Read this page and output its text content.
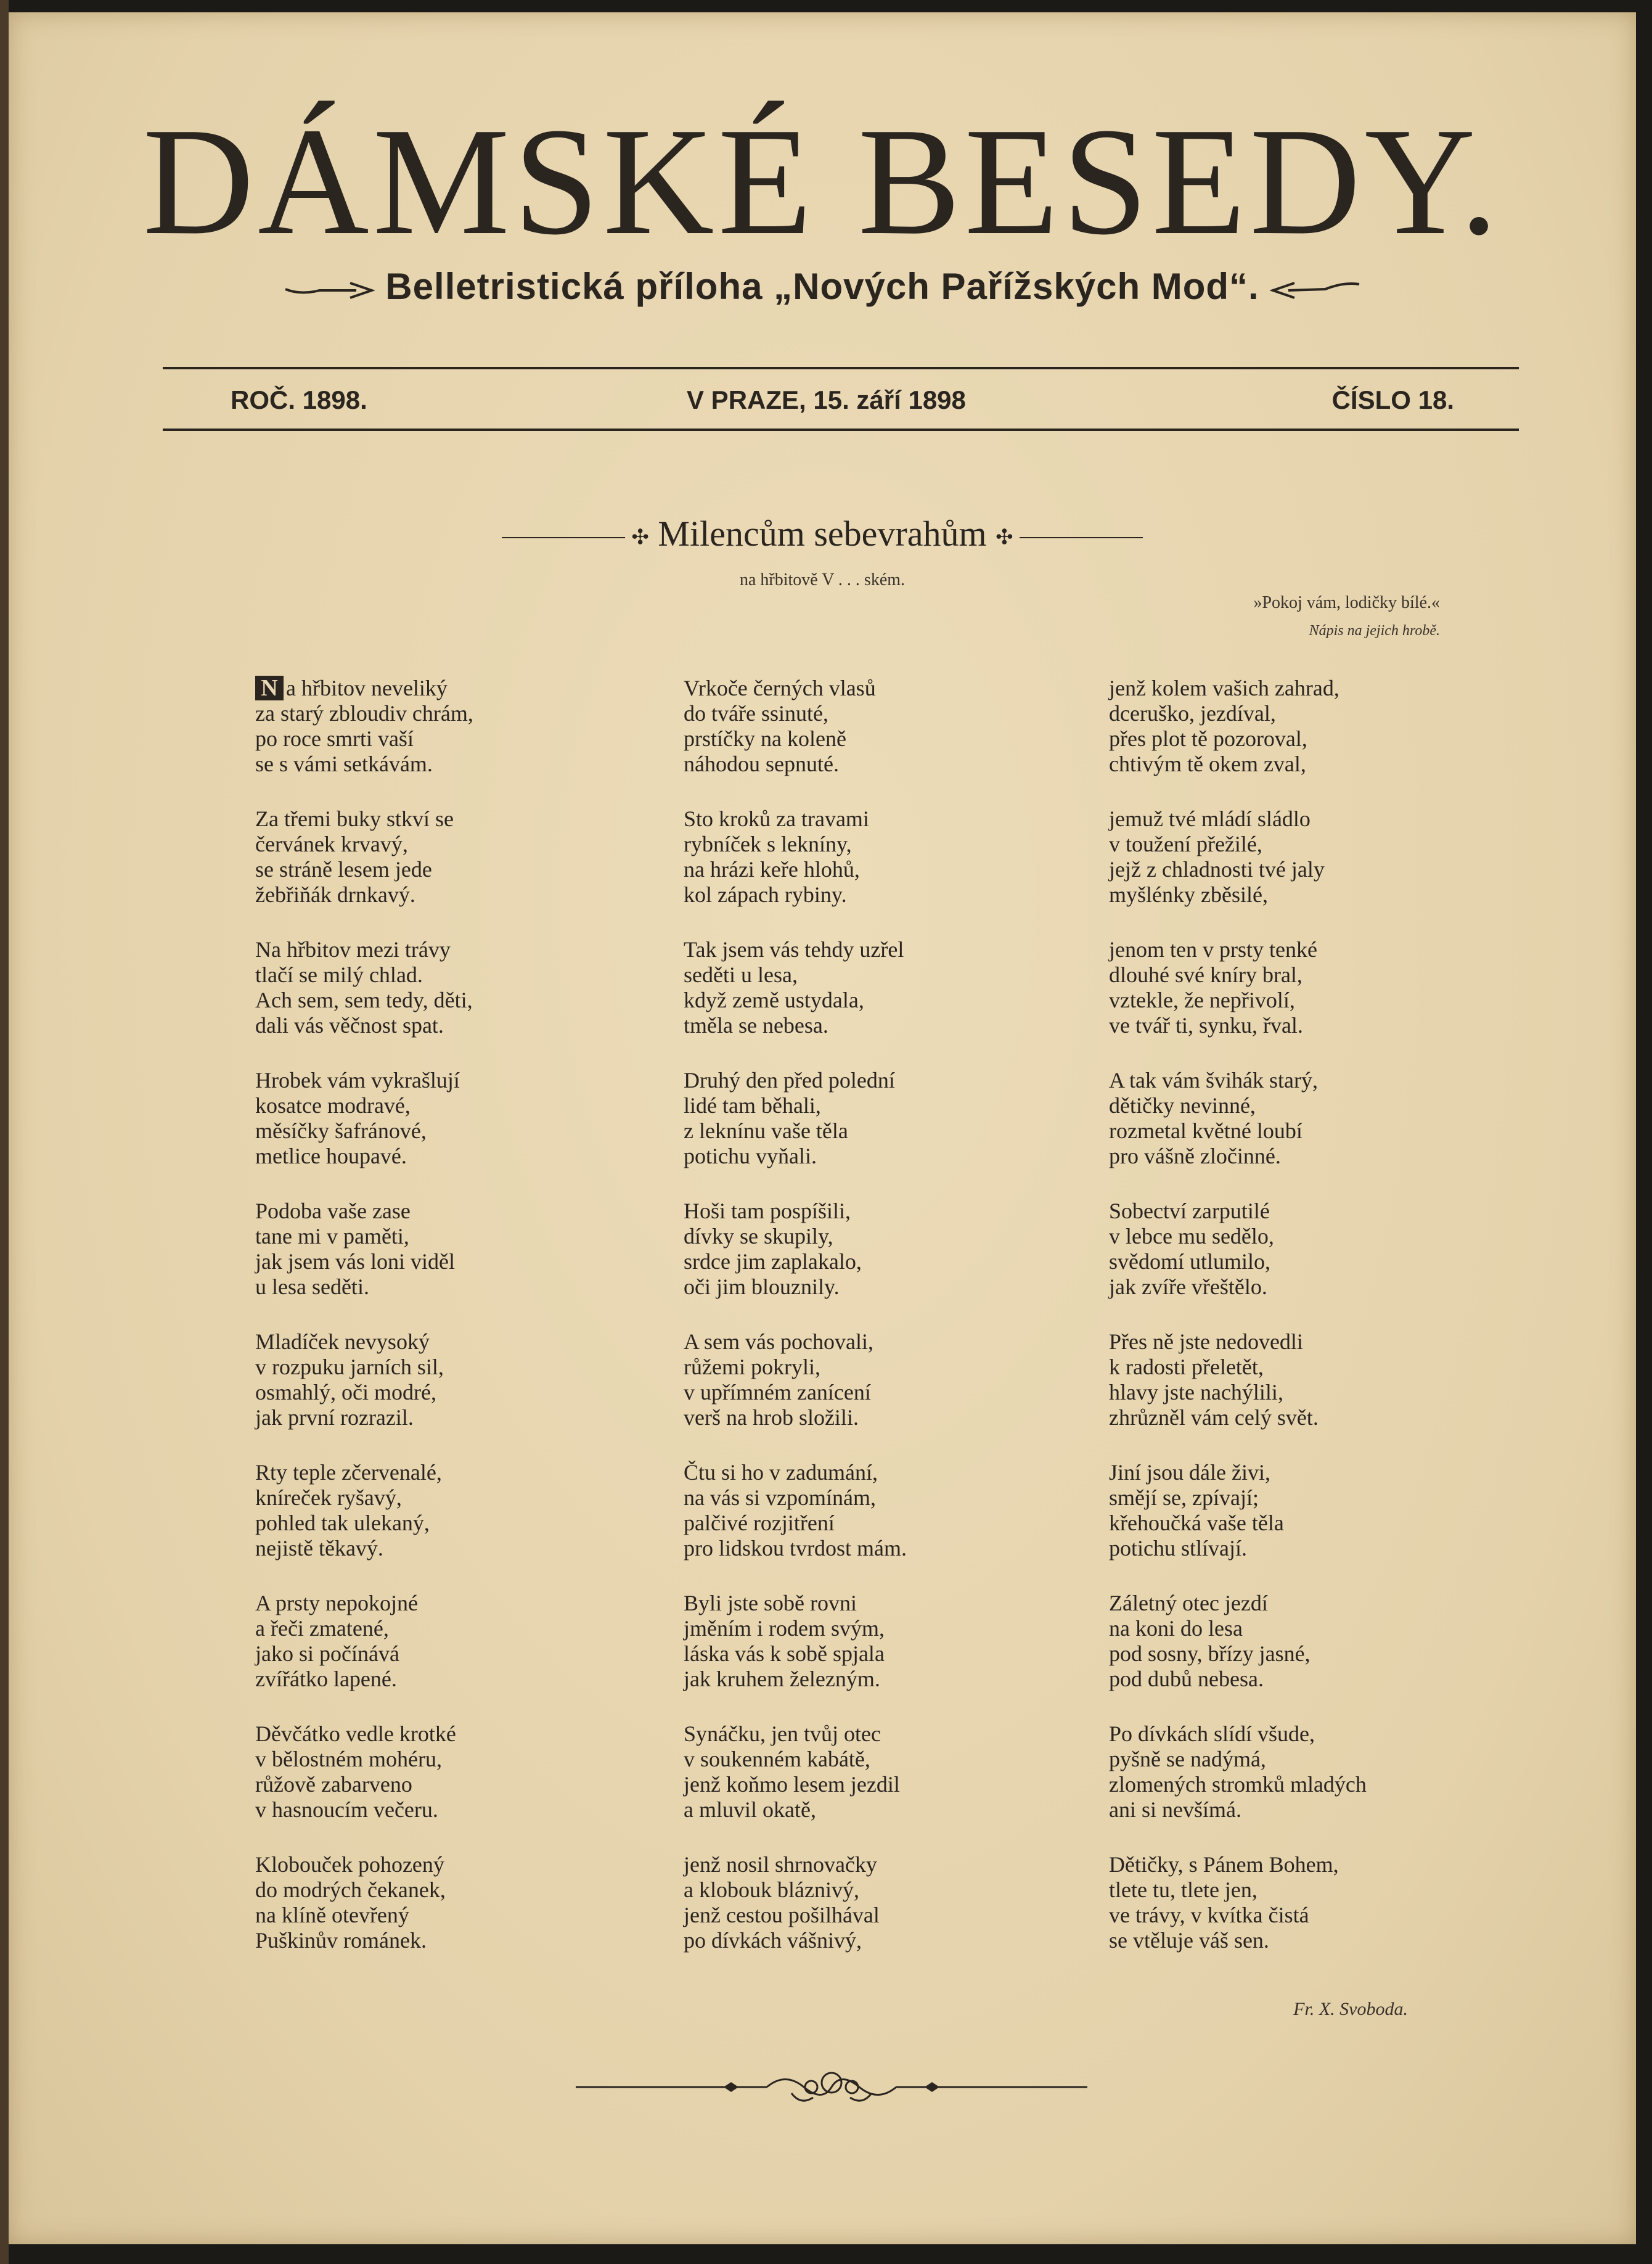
DÁMSKÉ BESEDY.
Belletristická příloha „Nových Pařížských Mod“.
ROČ. 1898.	V PRAZE, 15. září 1898	ČÍSLO 18.
✣ Milencům sebevrahům ✣
na hřbitově V . . . ském.
»Pokoj vám, lodičky bílé.«
Nápis na jejich hrobě.
N a hřbitov neveliký
za starý zbloudiv chrám,
po roce smrti vaší
se s vámi setkávám.
Za třemi buky stkví se
červánek krvavý,
se stráně lesem jede
žebřiňák drnkavý.
Na hřbitov mezi trávy
tlačí se milý chlad.
Ach sem, sem tedy, děti,
dali vás věčnost spat.
Hrobek vám vykrašlují
kosatce modravé,
měsíčky šafránové,
metlice houpavé.
Podoba vaše zase
tane mi v paměti,
jak jsem vás loni viděl
u lesa seděti.
Mladíček nevysoký
v rozpuku jarních sil,
osmahlý, oči modré,
jak první rozrazil.
Rty teple zčervenalé,
kníreček ryšavý,
pohled tak ulekaný,
nejistě těkavý.
A prsty nepokojné
a řeči zmatené,
jako si počínává
zvířátko lapené.
Děvčátko vedle krotké
v bělostném mohéru,
růžově zabarveno
v hasnoucím večeru.
Klobouček pohozený
do modrých čekanek,
na klíně otevřený
Puškinův románek.
Vrkoče černých vlasů
do tváře ssinuté,
prstíčky na koleně
náhodou sepnuté.
Sto kroků za travami
rybníček s lekníny,
na hrázi keře hlohů,
kol zápach rybiny.
Tak jsem vás tehdy uzřel
seděti u lesa,
když země ustydala,
tměla se nebesa.
Druhý den před polední
lidé tam běhali,
z leknínu vaše těla
potichu vyňali.
Hoši tam pospíšili,
dívky se skupily,
srdce jim zaplakalo,
oči jim blouznily.
A sem vás pochovali,
růžemi pokryli,
v upřímném zanícení
verš na hrob složili.
Čtu si ho v zadumání,
na vás si vzpomínám,
palčivé rozjitření
pro lidskou tvrdost mám.
Byli jste sobě rovni
jměním i rodem svým,
láska vás k sobě spjala
jak kruhem železným.
Synáčku, jen tvůj otec
v soukenném kabátě,
jenž koňmo lesem jezdil
a mluvil okatě,
jenž nosil shrnovačky
a klobouk bláznivý,
jenž cestou pošilhával
po dívkách vášnivý,
jenž kolem vašich zahrad,
dceruško, jezdíval,
přes plot tě pozoroval,
chtivým tě okem zval,
jemuž tvé mládí sládlo
v toužení přežilé,
jejž z chladnosti tvé jaly
myšlénky zběsilé,
jenom ten v prsty tenké
dlouhé své kníry bral,
vztekle, že nepřivolí,
ve tvář ti, synku, řval.
A tak vám švihák starý,
dětičky nevinné,
rozmetal květné loubí
pro vášně zločinné.
Sobectví zarputilé
v lebce mu sedělo,
svědomí utlumilo,
jak zvíře vřeštělo.
Přes ně jste nedovedli
k radosti přeletět,
hlavy jste nachýlili,
zhrůzněl vám celý svět.
Jiní jsou dále živi,
smějí se, zpívají;
křehoučká vaše těla
potichu stlívají.
Záletný otec jezdí
na koni do lesa
pod sosny, břízy jasné,
pod dubů nebesa.
Po dívkách slídí všude,
pyšně se nadýmá,
zlomených stromků mladých
ani si nevšímá.
Dětičky, s Pánem Bohem,
tlete tu, tlete jen,
ve trávy, v kvítka čistá
se vtěluje váš sen.
Fr. X. Svoboda.
